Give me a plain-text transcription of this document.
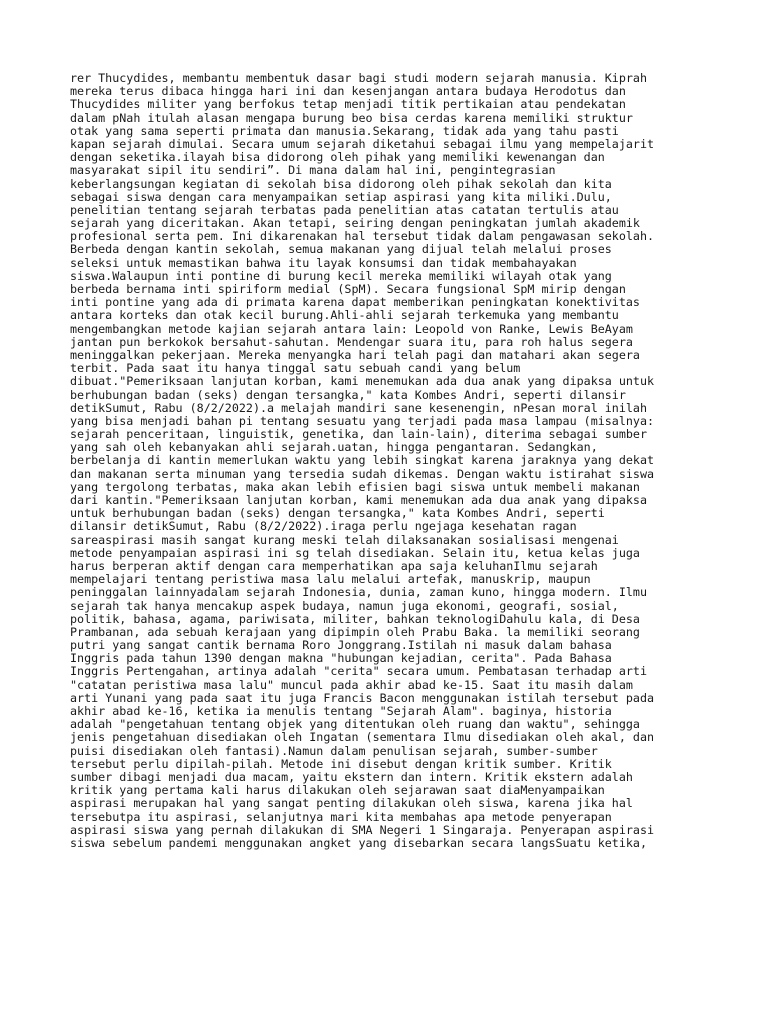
rer Thucydides, membantu membentuk dasar bagi studi modern sejarah manusia. Kiprah
mereka terus dibaca hingga hari ini dan kesenjangan antara budaya Herodotus dan
Thucydides militer yang berfokus tetap menjadi titik pertikaian atau pendekatan
dalam pNah itulah alasan mengapa burung beo bisa cerdas karena memiliki struktur
otak yang sama seperti primata dan manusia.Sekarang, tidak ada yang tahu pasti
kapan sejarah dimulai. Secara umum sejarah diketahui sebagai ilmu yang mempelajarit
dengan seketika.ilayah bisa didorong oleh pihak yang memiliki kewenangan dan
masyarakat sipil itu sendiri”. Di mana dalam hal ini, pengintegrasian
keberlangsungan kegiatan di sekolah bisa didorong oleh pihak sekolah dan kita
sebagai siswa dengan cara menyampaikan setiap aspirasi yang kita miliki.Dulu,
penelitian tentang sejarah terbatas pada penelitian atas catatan tertulis atau
sejarah yang diceritakan. Akan tetapi, seiring dengan peningkatan jumlah akademik
profesional serta pem. Ini dikarenakan hal tersebut tidak dalam pengawasan sekolah.
Berbeda dengan kantin sekolah, semua makanan yang dijual telah melalui proses
seleksi untuk memastikan bahwa itu layak konsumsi dan tidak membahayakan
siswa.Walaupun inti pontine di burung kecil mereka memiliki wilayah otak yang
berbeda bernama inti spiriform medial (SpM). Secara fungsional SpM mirip dengan
inti pontine yang ada di primata karena dapat memberikan peningkatan konektivitas
antara korteks dan otak kecil burung.Ahli-ahli sejarah terkemuka yang membantu
mengembangkan metode kajian sejarah antara lain: Leopold von Ranke, Lewis BeAyam
jantan pun berkokok bersahut-sahutan. Mendengar suara itu, para roh halus segera
meninggalkan pekerjaan. Mereka menyangka hari telah pagi dan matahari akan segera
terbit. Pada saat itu hanya tinggal satu sebuah candi yang belum
dibuat."Pemeriksaan lanjutan korban, kami menemukan ada dua anak yang dipaksa untuk
berhubungan badan (seks) dengan tersangka," kata Kombes Andri, seperti dilansir
detikSumut, Rabu (8/2/2022).a melajah mandiri sane kesenengin, nPesan moral inilah
yang bisa menjadi bahan pi tentang sesuatu yang terjadi pada masa lampau (misalnya:
sejarah penceritaan, linguistik, genetika, dan lain-lain), diterima sebagai sumber
yang sah oleh kebanyakan ahli sejarah.uatan, hingga pengantaran. Sedangkan,
berbelanja di kantin memerlukan waktu yang lebih singkat karena jaraknya yang dekat
dan makanan serta minuman yang tersedia sudah dikemas. Dengan waktu istirahat siswa
yang tergolong terbatas, maka akan lebih efisien bagi siswa untuk membeli makanan
dari kantin."Pemeriksaan lanjutan korban, kami menemukan ada dua anak yang dipaksa
untuk berhubungan badan (seks) dengan tersangka," kata Kombes Andri, seperti
dilansir detikSumut, Rabu (8/2/2022).iraga perlu ngejaga kesehatan ragan
sareaspirasi masih sangat kurang meski telah dilaksanakan sosialisasi mengenai
metode penyampaian aspirasi ini sg telah disediakan. Selain itu, ketua kelas juga
harus berperan aktif dengan cara memperhatikan apa saja keluhanIlmu sejarah
mempelajari tentang peristiwa masa lalu melalui artefak, manuskrip, maupun
peninggalan lainnyadalam sejarah Indonesia, dunia, zaman kuno, hingga modern. Ilmu
sejarah tak hanya mencakup aspek budaya, namun juga ekonomi, geografi, sosial,
politik, bahasa, agama, pariwisata, militer, bahkan teknologiDahulu kala, di Desa
Prambanan, ada sebuah kerajaan yang dipimpin oleh Prabu Baka. la memiliki seorang
putri yang sangat cantik bernama Roro Jonggrang.Istilah ni masuk dalam bahasa
Inggris pada tahun 1390 dengan makna "hubungan kejadian, cerita". Pada Bahasa
Inggris Pertengahan, artinya adalah "cerita" secara umum. Pembatasan terhadap arti
"catatan peristiwa masa lalu" muncul pada akhir abad ke-15. Saat itu masih dalam
arti Yunani yang pada saat itu juga Francis Bacon menggunakan istilah tersebut pada
akhir abad ke-16, ketika ia menulis tentang "Sejarah Alam". baginya, historia
adalah "pengetahuan tentang objek yang ditentukan oleh ruang dan waktu", sehingga
jenis pengetahuan disediakan oleh Ingatan (sementara Ilmu disediakan oleh akal, dan
puisi disediakan oleh fantasi).Namun dalam penulisan sejarah, sumber-sumber
tersebut perlu dipilah-pilah. Metode ini disebut dengan kritik sumber. Kritik
sumber dibagi menjadi dua macam, yaitu ekstern dan intern. Kritik ekstern adalah
kritik yang pertama kali harus dilakukan oleh sejarawan saat diaMenyampaikan
aspirasi merupakan hal yang sangat penting dilakukan oleh siswa, karena jika hal
tersebutpa itu aspirasi, selanjutnya mari kita membahas apa metode penyerapan
aspirasi siswa yang pernah dilakukan di SMA Negeri 1 Singaraja. Penyerapan aspirasi
siswa sebelum pandemi menggunakan angket yang disebarkan secara langsSuatu ketika,
